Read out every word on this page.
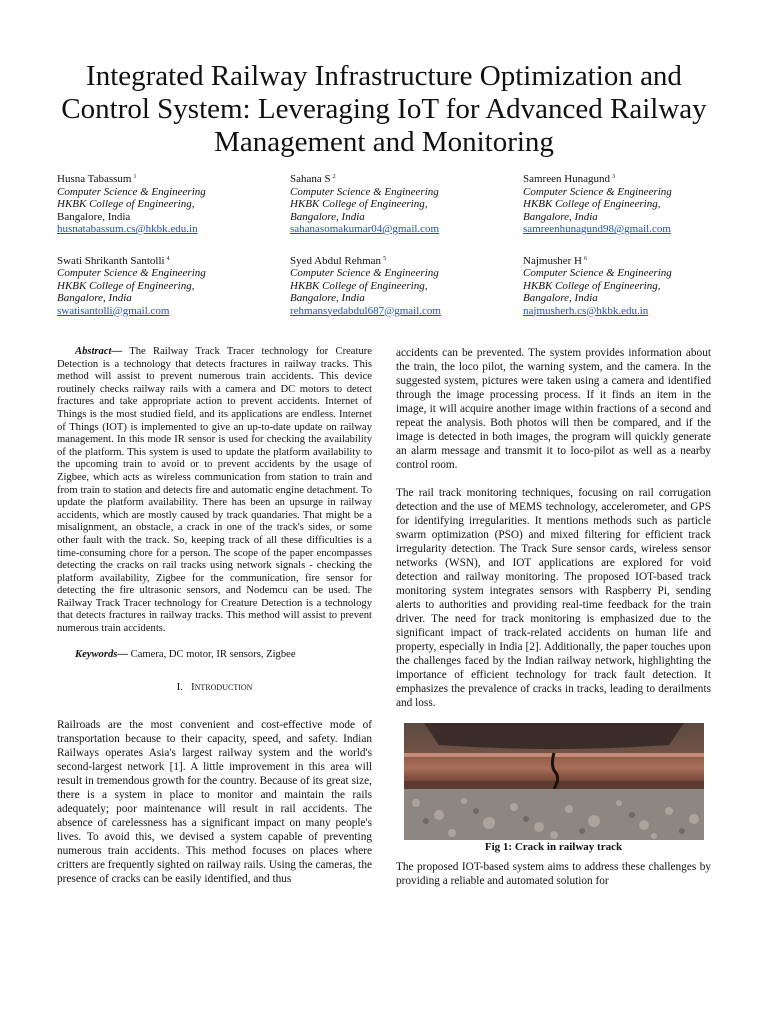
Integrated Railway Infrastructure Optimization and Control System: Leveraging IoT for Advanced Railway Management and Monitoring
Husna Tabassum $^1$
Computer Science & Engineering
HKBK College of Engineering,
Bangalore, India
husnatabassum.cs@hkbk.edu.in
Sahana S $^2$
Computer Science & Engineering
HKBK College of Engineering,
Bangalore, India
sahanasomakumar04@gmail.com
Samreen Hunagund $^3$
Computer Science & Engineering
HKBK College of Engineering,
Bangalore, India
samreenhunagund98@gmail.com
Swati Shrikanth Santolli $^4$
Computer Science & Engineering
HKBK College of Engineering,
Bangalore, India
swatisantolli@gmail.com
Syed Abdul Rehman $^5$
Computer Science & Engineering
HKBK College of Engineering,
Bangalore, India
rehmansyedabdul687@gmail.com
Najmusher H $^6$
Computer Science & Engineering
HKBK College of Engineering,
Bangalore, India
najmusherh.cs@hkbk.edu.in

Abstract— The Railway Track Tracer technology for Creature Detection is a technology that detects fractures in railway tracks. This method will assist to prevent numerous train accidents. This device routinely checks railway rails with a camera and DC motors to detect fractures and take appropriate action to prevent accidents. Internet of Things is the most studied field, and its applications are endless. Internet of Things (IOT) is implemented to give an up-to-date update on railway management. In this mode IR sensor is used for checking the availability of the platform. This system is used to update the platform availability to the upcoming train to avoid or to prevent accidents by the usage of Zigbee, which acts as wireless communication from station to train and from train to station and detects fire and automatic engine detachment. To update the platform availability. There has been an upsurge in railway accidents, which are mostly caused by track quandaries. That might be a misalignment, an obstacle, a crack in one of the track's sides, or some other fault with the track. So, keeping track of all these difficulties is a time-consuming chore for a person. The scope of the paper encompasses detecting the cracks on rail tracks using network signals - checking the platform availability, Zigbee for the communication, fire sensor for detecting the fire ultrasonic sensors, and Nodemcu can be used. The Railway Track Tracer technology for Creature Detection is a technology that detects fractures in railway tracks. This method will assist to prevent numerous train accidents.

Keywords— Camera, DC motor, IR sensors, Zigbee

I. Introduction

Railroads are the most convenient and cost-effective mode of transportation because to their capacity, speed, and safety. Indian Railways operates Asia's largest railway system and the world's second-largest network [1]. A little improvement in this area will result in tremendous growth for the country. Because of its great size, there is a system in place to monitor and maintain the rails adequately; poor maintenance will result in rail accidents. The absence of carelessness has a significant impact on many people's lives. To avoid this, we devised a system capable of preventing numerous train accidents. This method focuses on places where critters are frequently sighted on railway rails. Using the cameras, the presence of cracks can be easily identified, and thus

accidents can be prevented. The system provides information about the train, the loco pilot, the warning system, and the camera. In the suggested system, pictures were taken using a camera and identified through the image processing process. If it finds an item in the image, it will acquire another image within fractions of a second and repeat the analysis. Both photos will then be compared, and if the image is detected in both images, the program will quickly generate an alarm message and transmit it to loco-pilot as well as a nearby control room.

The rail track monitoring techniques, focusing on rail corrugation detection and the use of MEMS technology, accelerometer, and GPS for identifying irregularities. It mentions methods such as particle swarm optimization (PSO) and mixed filtering for efficient track irregularity detection. The Track Sure sensor cards, wireless sensor networks (WSN), and IOT applications are explored for void detection and railway monitoring. The proposed IOT-based track monitoring system integrates sensors with Raspberry Pi, sending alerts to authorities and providing real-time feedback for the train driver. The need for track monitoring is emphasized due to the significant impact of track-related accidents on human life and property, especially in India [2]. Additionally, the paper touches upon the challenges faced by the Indian railway network, highlighting the importance of efficient technology for track fault detection. It emphasizes the prevalence of cracks in tracks, leading to derailments and loss.

Fig 1: Crack in railway track

The proposed IOT-based system aims to address these challenges by providing a reliable and automated solution for
